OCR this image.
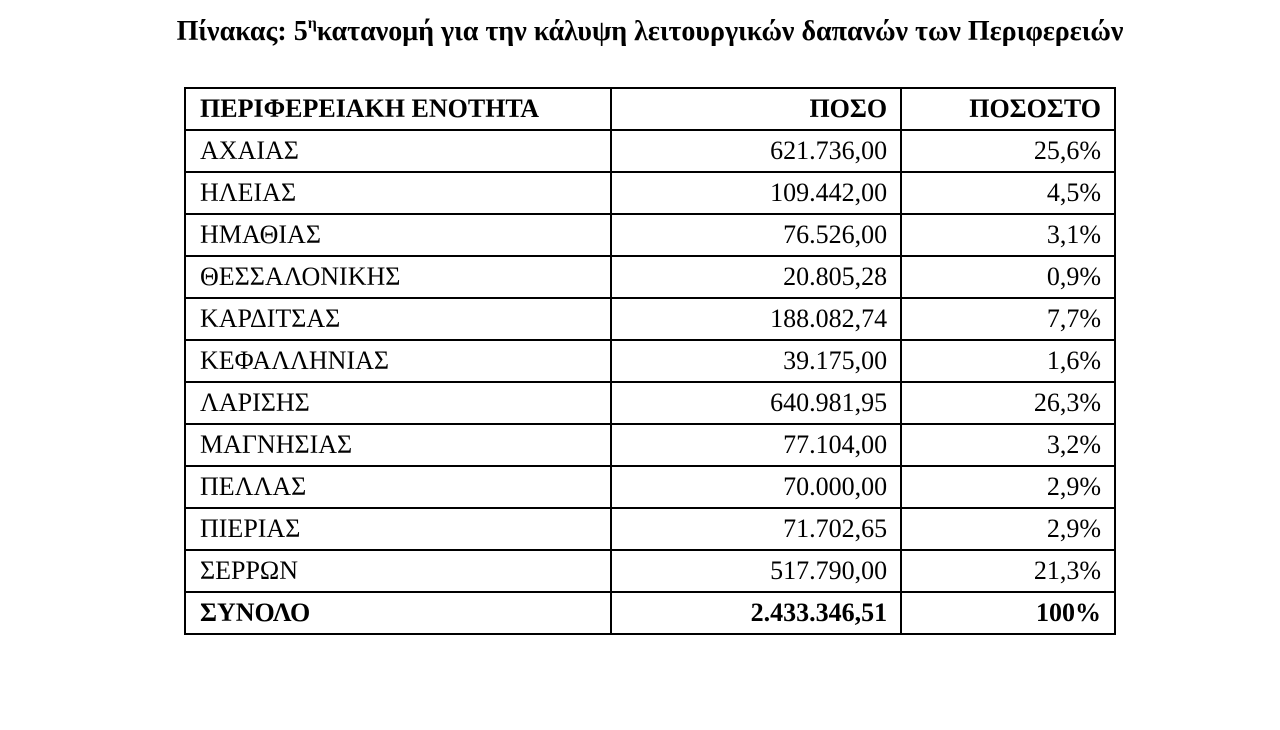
Πίνακας: $5^\eta\kappa\alpha\tau\alpha\nu o\mu ή$ για την κάλυψη λειτουργικών δαπανών των Περιφερειών
ΠΕΡΙΦΕΡΕΙΑΚΗ ΕΝΟΤΗΤΑ	ΠΟΣΟ	ΠΟΣΟΣΤΟ
ΑΧΑΙΑΣ	621.736,00	25,6%
ΗΛΕΙΑΣ	109.442,00	4,5%
ΗΜΑΘΙΑΣ	76.526,00	3,1%
ΘΕΣΣΑΛΟΝΙΚΗΣ	20.805,28	0,9%
ΚΑΡΔΙΤΣΑΣ	188.082,74	7,7%
ΚΕΦΑΛΛΗΝΙΑΣ	39.175,00	1,6%
ΛΑΡΙΣΗΣ	640.981,95	26,3%
ΜΑΓΝΗΣΙΑΣ	77.104,00	3,2%
ΠΕΛΛΑΣ	70.000,00	2,9%
ΠΙΕΡΙΑΣ	71.702,65	2,9%
ΣΕΡΡΩΝ	517.790,00	21,3%
ΣΥΝΟΛΟ	2.433.346,51	100%
